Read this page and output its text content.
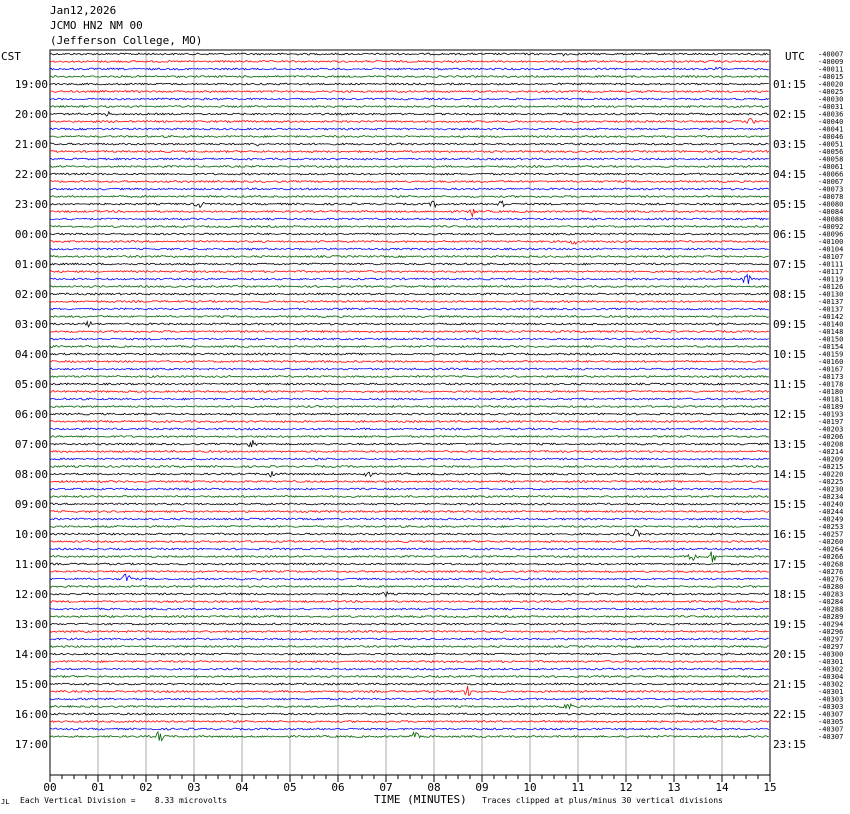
Jan12,2026
JCMO HN2 NM 00
(Jefferson College, MO)
CST	UTC
00	01	02	03	04	05	06	07	08	09	10	11	12	13	14	15
-40007
-40009
-40011
-40015
-40020
-40025
-40030
-40031
-40036
-40040
-40041
-40046
-40051
-40056
-40058
-40061
-40066
-40067
-40073
-40078
-40080
-40084
-40088
-40092
-40096
-40100
-40104
-40107
-40111
-40117
-40119
-40126
-40130
-40137
-40137
-40142
-40140
-40148
-40150
-40154
-40159
-40160
-40167
-40173
-40178
-40180
-40181
-40189
-40193
-40197
-40203
-40206
-40208
-40214
-40209
-40215
-40220
-40225
-40230
-40234
-40240
-40244
-40249
-40253
-40257
-40260
-40264
-40266
-40268
-40276
-40276
-40280
-40283
-40284
-40288
-40289
-40294
-40296
-40297
-40297
-40300
-40301
-40302
-40304
-40302
-40301
-40303
-40303
-40307
-40305
-40307
-40307
19:00
20:00
21:00
22:00
23:00
00:00
01:00
02:00
03:00
04:00
05:00
06:00
07:00
08:00
09:00
10:00
11:00
12:00
13:00
14:00
15:00
16:00
17:00
01:15
02:15
03:15
04:15
05:15
06:15
07:15
08:15
09:15
10:15
11:15
12:15
13:15
14:15
15:15
16:15
17:15
18:15
19:15
20:15
21:15
22:15
23:15
JL Each Vertical Division =    8.33 microvolts	TIME (MINUTES) Traces clipped at plus/minus 30 vertical divisions
